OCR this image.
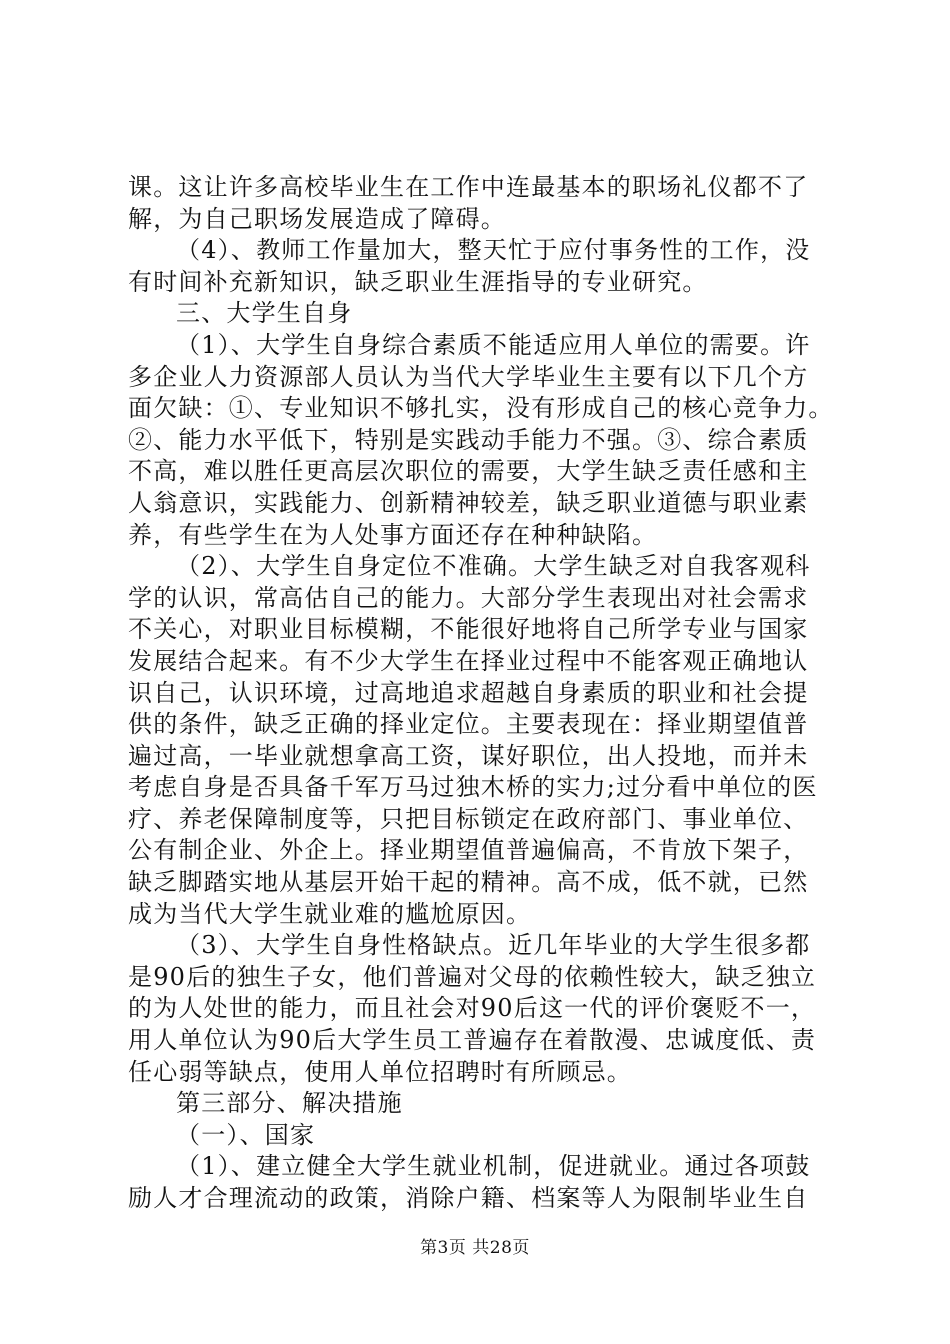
课。这让许多高校毕业生在工作中连最基本的职场礼仪都不了
解，为自己职场发展造成了障碍。
（4）、教师工作量加大，整天忙于应付事务性的工作，没
有时间补充新知识，缺乏职业生涯指导的专业研究。
三、大学生自身
（1）、大学生自身综合素质不能适应用人单位的需要。许
多企业人力资源部人员认为当代大学毕业生主要有以下几个方
面欠缺：①、专业知识不够扎实，没有形成自己的核心竞争力。
②、能力水平低下，特别是实践动手能力不强。③、综合素质
不高，难以胜任更高层次职位的需要，大学生缺乏责任感和主
人翁意识，实践能力、创新精神较差，缺乏职业道德与职业素
养，有些学生在为人处事方面还存在种种缺陷。
（2）、大学生自身定位不准确。大学生缺乏对自我客观科
学的认识，常高估自己的能力。大部分学生表现出对社会需求
不关心，对职业目标模糊，不能很好地将自己所学专业与国家
发展结合起来。有不少大学生在择业过程中不能客观正确地认
识自己，认识环境，过高地追求超越自身素质的职业和社会提
供的条件，缺乏正确的择业定位。主要表现在：择业期望值普
遍过高，一毕业就想拿高工资，谋好职位，出人投地，而并未
考虑自身是否具备千军万马过独木桥的实力;过分看中单位的医
疗、养老保障制度等，只把目标锁定在政府部门、事业单位、
公有制企业、外企上。择业期望值普遍偏高，不肯放下架子，
缺乏脚踏实地从基层开始干起的精神。高不成，低不就，已然
成为当代大学生就业难的尴尬原因。
（3）、大学生自身性格缺点。近几年毕业的大学生很多都
是90后的独生子女，他们普遍对父母的依赖性较大，缺乏独立
的为人处世的能力，而且社会对90后这一代的评价褒贬不一，
用人单位认为90后大学生员工普遍存在着散漫、忠诚度低、责
任心弱等缺点，使用人单位招聘时有所顾忌。
第三部分、解决措施
（一）、国家
（1）、建立健全大学生就业机制，促进就业。通过各项鼓
励人才合理流动的政策，消除户籍、档案等人为限制毕业生自
第3页 共28页
